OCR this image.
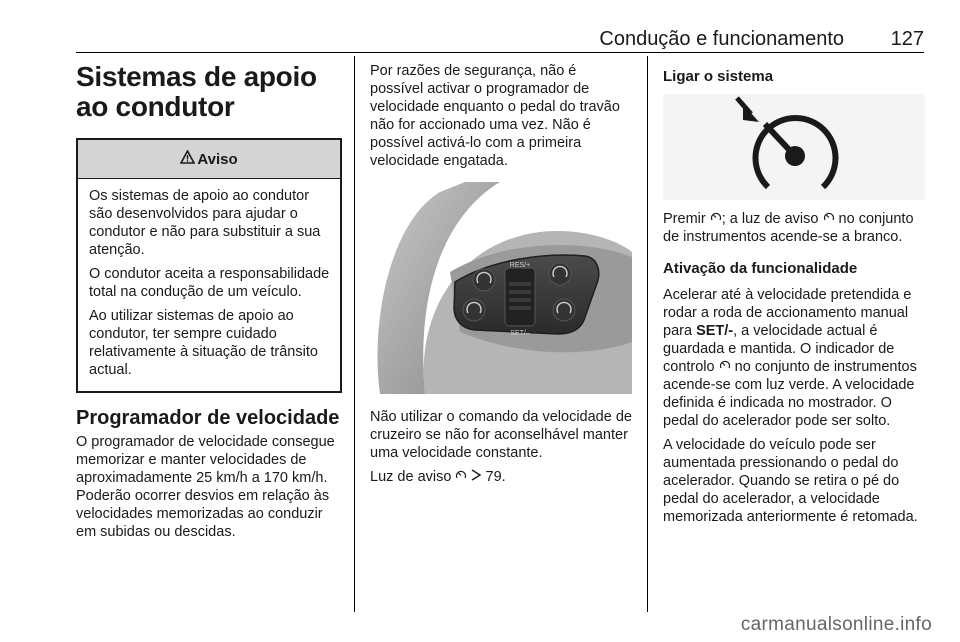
Condução e funcionamento 127
Sistemas de apoio ao condutor
Aviso

Os sistemas de apoio ao condutor são desenvolvidos para ajudar o condutor e não para substituir a sua atenção.

O condutor aceita a responsabilidade total na condução de um veículo.

Ao utilizar sistemas de apoio ao condutor, ter sempre cuidado relativamente à situação de trânsito actual.

Programador de velocidade

O programador de velocidade consegue memorizar e manter velocidades de aproximadamente 25 km/h a 170 km/h. Poderão ocorrer desvios em relação às velocidades memorizadas ao conduzir em subidas ou descidas.

Por razões de segurança, não é possível activar o programador de velocidade enquanto o pedal do travão não for accionado uma vez. Não é possível activá-lo com a primeira velocidade engatada.

RES/+
SET/–

Não utilizar o comando da velocidade de cruzeiro se não for aconselhável manter uma velocidade constante.

Luz de aviso 79.

Ligar o sistema

Premir ; a luz de aviso no conjunto de instrumentos acende-se a branco.

Ativação da funcionalidade

Acelerar até à velocidade pretendida e rodar a roda de accionamento manual para SET/-, a velocidade actual é guardada e mantida. O indicador de controlo no conjunto de instrumentos acende-se com luz verde. A velocidade definida é indicada no mostrador. O pedal do acelerador pode ser solto.

A velocidade do veículo pode ser aumentada pressionando o pedal do acelerador. Quando se retira o pé do pedal do acelerador, a velocidade memorizada anteriormente é retomada.

carmanualsonline.info
